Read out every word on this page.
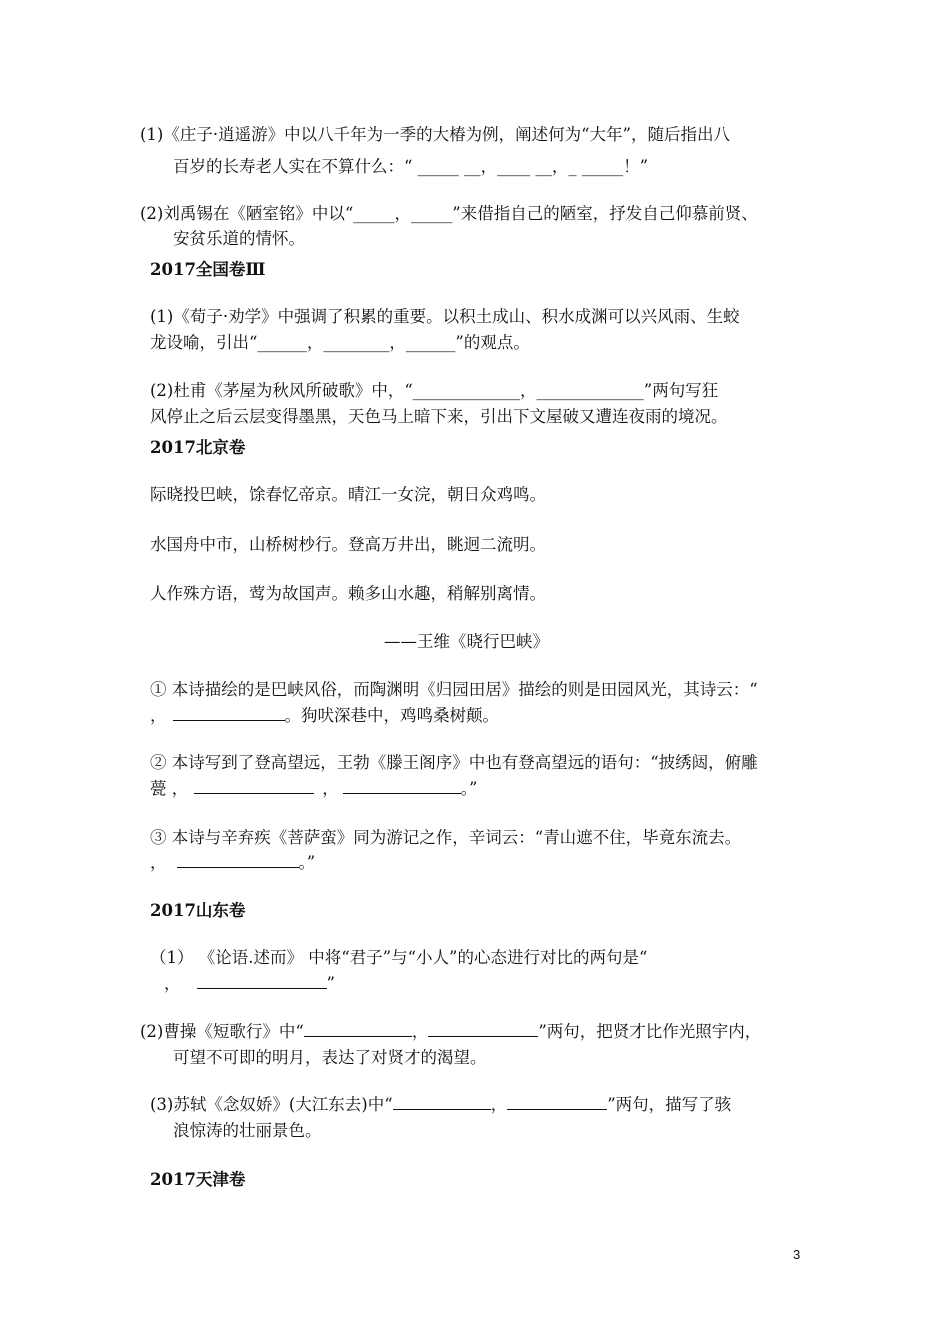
(1)《庄子·逍遥游》中以八千年为一季的大椿为例，阐述何为“大年”，随后指出八
百岁的长寿老人实在不算什么：“ _____ __，____ __，_ _____！”
(2)刘禹锡在《陋室铭》中以“_____，_____”来借指自己的陋室，抒发自己仰慕前贤、
安贫乐道的情怀。
2017全国卷Ⅲ
(1)《荀子·劝学》中强调了积累的重要。以积土成山、积水成渊可以兴风雨、生蛟
龙设喻，引出“______，________，______”的观点。
(2)杜甫《茅屋为秋风所破歌》中，“_____________，_____________”两句写狂
风停止之后云层变得墨黑，天色马上暗下来，引出下文屋破又遭连夜雨的境况。
2017北京卷
际晓投巴峡，馀春忆帝京。晴江一女浣，朝日众鸡鸣。
水国舟中市，山桥树杪行。登高万井出，眺迥二流明。
人作殊方语，莺为故国声。赖多山水趣，稍解别离情。
——王维《晓行巴峡》
① 本诗描绘的是巴峡风俗，而陶渊明《归园田居》描绘的则是田园风光，其诗云：“
，	。狗吠深巷中，鸡鸣桑树颠。
② 本诗写到了登高望远，王勃《滕王阁序》中也有登高望远的语句：“披绣闼，俯雕
甍 ，	，	。”
③ 本诗与辛弃疾《菩萨蛮》同为游记之作，辛词云：“青山遮不住，毕竟东流去。
，	。”
2017山东卷
（1） 《论语.述而》 中将“君子”与“小人”的心态进行对比的两句是“
，	”
(2)曹操《短歌行》中“	，	”两句，把贤才比作光照宇内，
可望不可即的明月，表达了对贤才的渴望。
(3)苏轼《念奴娇》(大江东去)中“	，	”两句，描写了骇
浪惊涛的壮丽景色。
2017天津卷
3
